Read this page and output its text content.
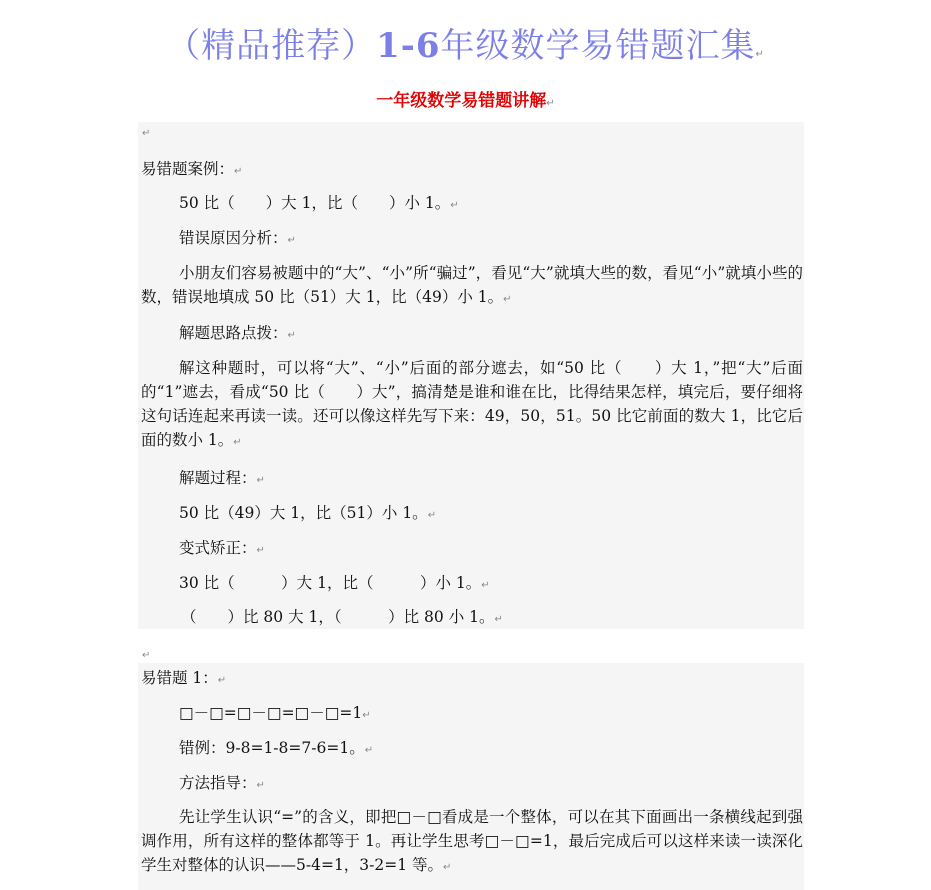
（精品推荐）1-6年级数学易错题汇集↵
一年级数学易错题讲解↵
↵
易错题案例：↵
50 比（　　）大 1，比（　　）小 1。↵
错误原因分析：↵
小朋友们容易被题中的“大”、“小”所“骗过”，看见“大”就填大些的数，看见“小”就填小些的数，错误地填成 50 比（51）大 1，比（49）小 1。↵
解题思路点拨：↵
解这种题时，可以将“大”、“小”后面的部分遮去，如“50 比（　　）大 1，”把“大”后面的“1”遮去，看成“50 比（　　）大”，搞清楚是谁和谁在比，比得结果怎样，填完后，要仔细将这句话连起来再读一读。还可以像这样先写下来：49，50，51。50 比它前面的数大 1，比它后面的数小 1。↵
解题过程：↵
50 比（49）大 1，比（51）小 1。↵
变式矫正：↵
30 比（　　　）大 1，比（　　　）小 1。↵
（　　）比 80 大 1，（　　　）比 80 小 1。↵
↵
易错题 1：↵
□－□=□－□=□－□=1↵
错例：9-8=1-8=7-6=1。↵
方法指导：↵
先让学生认识“=”的含义，即把□－□看成是一个整体，可以在其下面画出一条横线起到强调作用，所有这样的整体都等于 1。再让学生思考□－□=1，最后完成后可以这样来读一读深化学生对整体的认识——5-4=1，3-2=1 等。↵
